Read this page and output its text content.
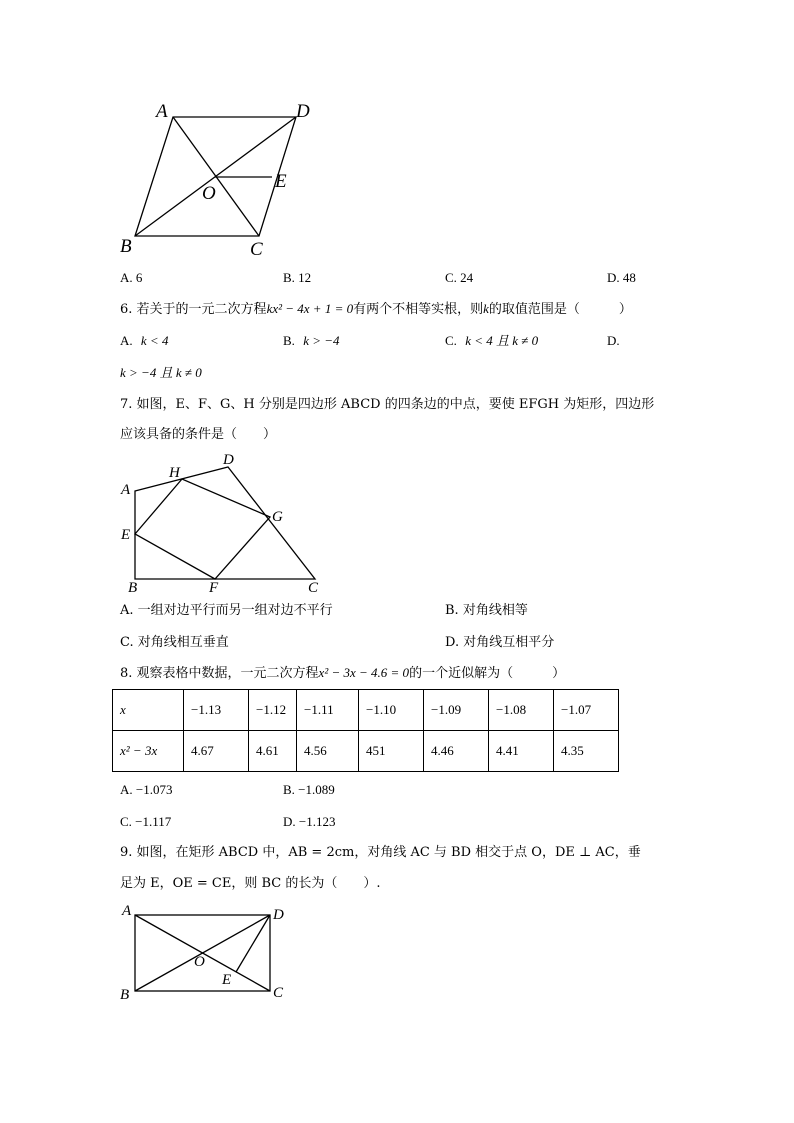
A	D
E
O
B	C
A. 6	B. 12	C. 24	D. 48
6. 若关于的一元二次方程kx² − 4x + 1 = 0有两个不相等实根，则k的取值范围是（　　　）
A. k < 4	B. k > −4	C. k < 4 且 k ≠ 0	D.
k > −4 且 k ≠ 0
7. 如图，E、F、G、H 分别是四边形 ABCD 的四条边的中点，要使 EFGH 为矩形，四边形
应该具备的条件是（　　）
A
H
D
E
G
B	F	C
A. 一组对边平行而另一组对边不平行	B. 对角线相等
C. 对角线相互垂直	D. 对角线互相平分
8. 观察表格中数据，一元二次方程x² − 3x − 4.6 = 0的一个近似解为（　　　）
x	−1.13	−1.12	−1.11	−1.10	−1.09	−1.08	−1.07
x² − 3x	4.67	4.61	4.56	451	4.46	4.41	4.35
A. −1.073	B. −1.089
C. −1.117	D. −1.123
9. 如图，在矩形 ABCD 中，AB = 2cm，对角线 AC 与 BD 相交于点 O，DE ⊥ AC，垂
足为 E，OE = CE，则 BC 的长为（　　）.
A	D
O
E
B	C
